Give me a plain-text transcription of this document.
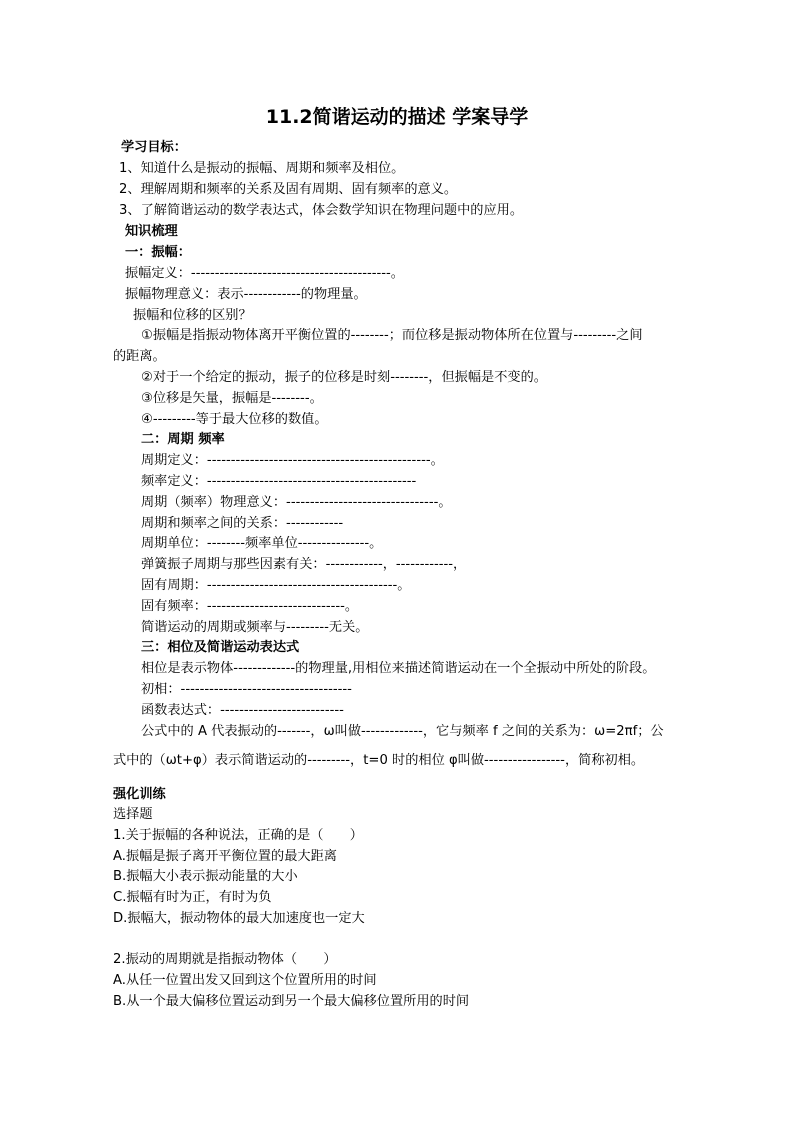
11.2简谐运动的描述 学案导学
学习目标：
1、知道什么是振动的振幅、周期和频率及相位。
2、理解周期和频率的关系及固有周期、固有频率的意义。
3、了解简谐运动的数学表达式，体会数学知识在物理问题中的应用。
知识梳理
一：振幅：
振幅定义：------------------------------------------。
振幅物理意义：表示------------的物理量。
振幅和位移的区别？
①振幅是指振动物体离开平衡位置的--------；而位移是振动物体所在位置与---------之间
的距离。
②对于一个给定的振动，振子的位移是时刻--------，但振幅是不变的。
③位移是矢量，振幅是--------。
④---------等于最大位移的数值。
二：周期 频率
周期定义：-----------------------------------------------。
频率定义：--------------------------------------------
周期（频率）物理意义：--------------------------------。
周期和频率之间的关系：------------
周期单位：--------频率单位---------------。
弹簧振子周期与那些因素有关：------------，------------，
固有周期：----------------------------------------。
固有频率：-----------------------------。
简谐运动的周期或频率与---------无关。
三：相位及简谐运动表达式
相位是表示物体-------------的物理量,用相位来描述简谐运动在一个全振动中所处的阶段。
初相：------------------------------------
函数表达式：--------------------------
公式中的 A 代表振动的-------，ω叫做-------------，它与频率 f 之间的关系为：ω=2πf；公
式中的（ωt+φ）表示简谐运动的---------，t=0 时的相位 φ叫做-----------------，简称初相。
强化训练
选择题
1.关于振幅的各种说法，正确的是（　　）
A.振幅是振子离开平衡位置的最大距离
B.振幅大小表示振动能量的大小
C.振幅有时为正，有时为负
D.振幅大，振动物体的最大加速度也一定大
2.振动的周期就是指振动物体（　　）
A.从任一位置出发又回到这个位置所用的时间
B.从一个最大偏移位置运动到另一个最大偏移位置所用的时间
